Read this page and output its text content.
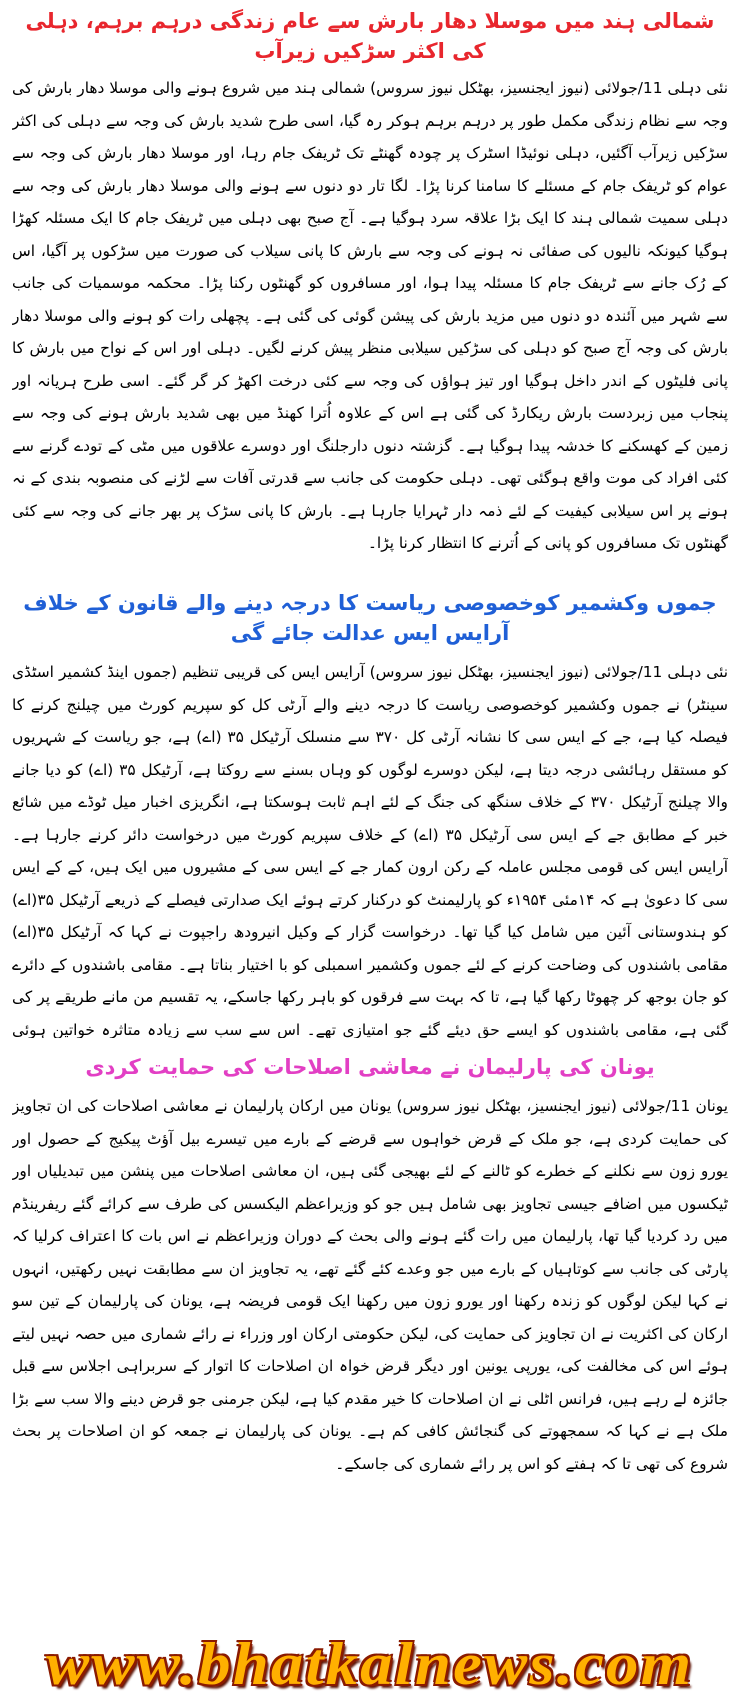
شمالی ہند میں موسلا دھار بارش سے عام زندگی درہم برہم، دہلی کی اکثر سڑکیں زیرآب

نئی دہلی 11/جولائی (نیوز ایجنسیز، بھٹکل نیوز سروس) شمالی ہند میں شروع ہونے والی موسلا دھار بارش کی وجہ سے نظام زندگی مکمل طور پر درہم برہم ہوکر رہ گیا، اسی طرح شدید بارش کی وجہ سے دہلی کی اکثر سڑکیں زیرآب آگئیں، دہلی نوئیڈا اسٹرک پر چودہ گھنٹے تک ٹریفک جام رہا، اور موسلا دھار بارش کی وجہ سے عوام کو ٹریفک جام کے مسئلے کا سامنا کرنا پڑا۔ لگا تار دو دنوں سے ہونے والی موسلا دھار بارش کی وجہ سے دہلی سمیت شمالی ہند کا ایک بڑا علاقہ سرد ہوگیا ہے۔ آج صبح بھی دہلی میں ٹریفک جام کا ایک مسئلہ کھڑا ہوگیا کیونکہ نالیوں کی صفائی نہ ہونے کی وجہ سے بارش کا پانی سیلاب کی صورت میں سڑکوں پر آگیا، اس کے رُک جانے سے ٹریفک جام کا مسئلہ پیدا ہوا، اور مسافروں کو گھنٹوں رکنا پڑا۔ محکمہ موسمیات کی جانب سے شہر میں آئندہ دو دنوں میں مزید بارش کی پیشن گوئی کی گئی ہے۔ پچھلی رات کو ہونے والی موسلا دھار بارش کی وجہ آج صبح کو دہلی کی سڑکیں سیلابی منظر پیش کرنے لگیں۔ دہلی اور اس کے نواح میں بارش کا پانی فلیٹوں کے اندر داخل ہوگیا اور تیز ہواؤں کی وجہ سے کئی درخت اکھڑ کر گر گئے۔ اسی طرح ہریانہ اور پنجاب میں زبردست بارش ریکارڈ کی گئی ہے اس کے علاوہ اُترا کھنڈ میں بھی شدید بارش ہونے کی وجہ سے زمین کے کھسکنے کا خدشہ پیدا ہوگیا ہے۔ گزشتہ دنوں دارجلنگ اور دوسرے علاقوں میں مٹی کے تودے گرنے سے کئی افراد کی موت واقع ہوگئی تھی۔ دہلی حکومت کی جانب سے قدرتی آفات سے لڑنے کی منصوبہ بندی کے نہ ہونے پر اس سیلابی کیفیت کے لئے ذمہ دار ٹہرایا جارہا ہے۔ بارش کا پانی سڑک پر بھر جانے کی وجہ سے کئی گھنٹوں تک مسافروں کو پانی کے اُترنے کا انتظار کرنا پڑا۔

جموں وکشمیر کوخصوصی ریاست کا درجہ دینے والے قانون کے خلاف آرایس ایس عدالت جائے گی

نئی دہلی 11/جولائی (نیوز ایجنسیز، بھٹکل نیوز سروس) آرایس ایس کی قریبی تنظیم (جموں اینڈ کشمیر اسٹڈی سینٹر) نے جموں وکشمیر کوخصوصی ریاست کا درجہ دینے والے آرٹی کل کو سپریم کورٹ میں چیلنج کرنے کا فیصلہ کیا ہے، جے کے ایس سی کا نشانہ آرٹی کل ۳۷۰ سے منسلک آرٹیکل ۳۵ (اے) ہے، جو ریاست کے شہریوں کو مستقل رہائشی درجہ دیتا ہے، لیکن دوسرے لوگوں کو وہاں بسنے سے روکتا ہے، آرٹیکل ۳۵ (اے) کو دیا جانے والا چیلنج آرٹیکل ۳۷۰ کے خلاف سنگھ کی جنگ کے لئے اہم ثابت ہوسکتا ہے، انگریزی اخبار میل ٹوڈے میں شائع خبر کے مطابق جے کے ایس سی آرٹیکل ۳۵ (اے) کے خلاف سپریم کورٹ میں درخواست دائر کرنے جارہا ہے۔ آرایس ایس کی قومی مجلس عاملہ کے رکن ارون کمار جے کے ایس سی کے مشیروں میں ایک ہیں، کے کے ایس سی کا دعویٰ ہے کہ ۱۴مئی ۱۹۵۴ء کو پارلیمنٹ کو درکنار کرتے ہوئے ایک صدارتی فیصلے کے ذریعے آرٹیکل ۳۵(اے) کو ہندوستانی آئین میں شامل کیا گیا تھا۔ درخواست گزار کے وکیل انیرودھ راجپوت نے کہا کہ آرٹیکل ۳۵(اے) مقامی باشندوں کی وضاحت کرنے کے لئے جموں وکشمیر اسمبلی کو با اختیار بناتا ہے۔ مقامی باشندوں کے دائرے کو جان بوجھ کر چھوٹا رکھا گیا ہے، تا کہ بہت سے فرقوں کو باہر رکھا جاسکے، یہ تقسیم من مانے طریقے پر کی گئی ہے، مقامی باشندوں کو ایسے حق دیئے گئے جو امتیازی تھے۔ اس سے سب سے زیادہ متاثرہ خواتین ہوئی

یونان کی پارلیمان نے معاشی اصلاحات کی حمایت کردی

یونان 11/جولائی (نیوز ایجنسیز، بھٹکل نیوز سروس) یونان میں ارکان پارلیمان نے معاشی اصلاحات کی ان تجاویز کی حمایت کردی ہے، جو ملک کے قرض خواہوں سے قرضے کے بارے میں تیسرے بیل آؤٹ پیکیج کے حصول اور یورو زون سے نکلنے کے خطرے کو ٹالنے کے لئے بھیجی گئی ہیں، ان معاشی اصلاحات میں پنشن میں تبدیلیاں اور ٹیکسوں میں اضافے جیسی تجاویز بھی شامل ہیں جو کو وزیراعظم الیکسس کی طرف سے کرائے گئے ریفرینڈم میں رد کردیا گیا تھا، پارلیمان میں رات گئے ہونے والی بحث کے دوران وزیراعظم نے اس بات کا اعتراف کرلیا کہ پارٹی کی جانب سے کوتاہیاں کے بارے میں جو وعدے کئے گئے تھے، یہ تجاویز ان سے مطابقت نہیں رکھتیں، انہوں نے کہا لیکن لوگوں کو زندہ رکھنا اور یورو زون میں رکھنا ایک قومی فریضہ ہے، یونان کی پارلیمان کے تین سو ارکان کی اکثریت نے ان تجاویز کی حمایت کی، لیکن حکومتی ارکان اور وزراء نے رائے شماری میں حصہ نہیں لیتے ہوئے اس کی مخالفت کی، یورپی یونین اور دیگر قرض خواہ ان اصلاحات کا اتوار کے سربراہی اجلاس سے قبل جائزہ لے رہے ہیں، فرانس اٹلی نے ان اصلاحات کا خیر مقدم کیا ہے، لیکن جرمنی جو قرض دینے والا سب سے بڑا ملک ہے نے کہا کہ سمجھوتے کی گنجائش کافی کم ہے۔ یونان کی پارلیمان نے جمعہ کو ان اصلاحات پر بحث شروع کی تھی تا کہ ہفتے کو اس پر رائے شماری کی جاسکے۔

www.bhatkalnews.com
